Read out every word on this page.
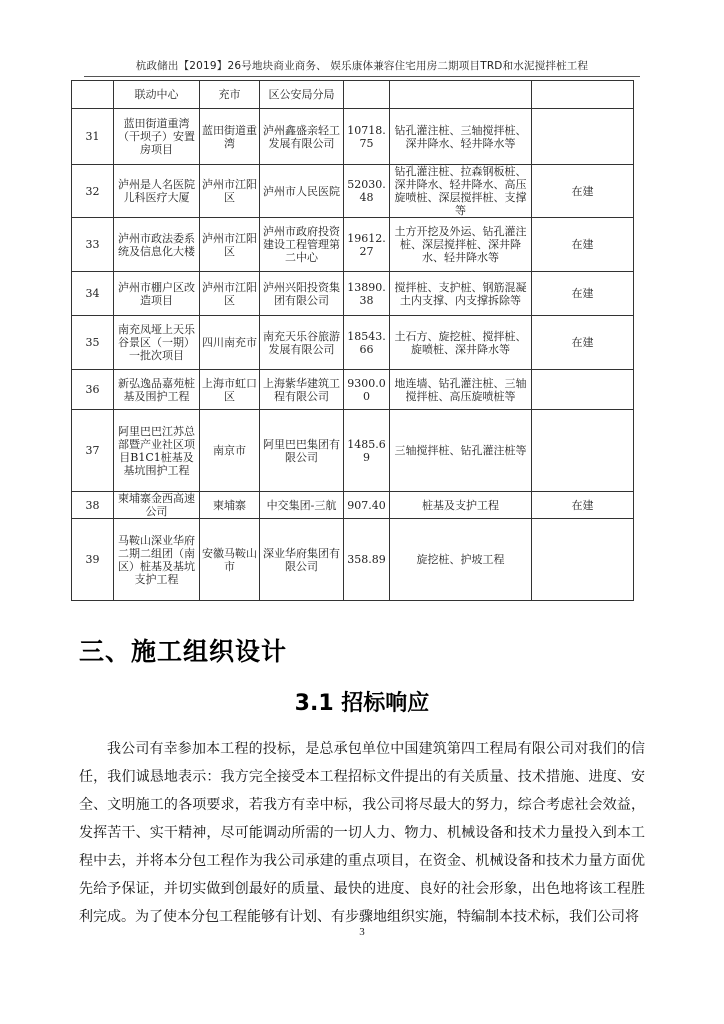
杭政储出【2019】26号地块商业商务、 娱乐康体兼容住宅用房二期项目TRD和水泥搅拌桩工程
	联动中心	充市	区公安局分局			
31	蓝田街道重湾（干坝子）安置房项目	蓝田街道重湾	泸州鑫盛亲轻工发展有限公司	10718.75	钻孔灌注桩、三轴搅拌桩、深井降水、轻井降水等	
32	泸州是人名医院儿科医疗大厦	泸州市江阳区	泸州市人民医院	52030.48	钻孔灌注桩、拉森钢板桩、深井降水、轻井降水、高压旋喷桩、深层搅拌桩、支撑等	在建
33	泸州市政法委系统及信息化大楼	泸州市江阳区	泸州市政府投资建设工程管理第二中心	19612.27	土方开挖及外运、钻孔灌注桩、深层搅拌桩、深井降水、轻井降水等	在建
34	泸州市棚户区改造项目	泸州市江阳区	泸州兴阳投资集团有限公司	13890.38	搅拌桩、支护桩、钢筋混凝土内支撑、内支撑拆除等	在建
35	南充凤垭上天乐谷景区（一期）一批次项目	四川南充市	南充天乐谷旅游发展有限公司	18543.66	土石方、旋挖桩、搅拌桩、旋喷桩、深井降水等	在建
36	新弘逸品嘉苑桩基及围护工程	上海市虹口区	上海紫华建筑工程有限公司	9300.00	地连墙、钻孔灌注桩、三轴搅拌桩、高压旋喷桩等	
37	阿里巴巴江苏总部暨产业社区项目B1C1桩基及基坑围护工程	南京市	阿里巴巴集团有限公司	1485.69	三轴搅拌桩、钻孔灌注桩等	
38	柬埔寨金西高速公司	柬埔寨	中交集团-三航	907.40	桩基及支护工程	在建
39	马鞍山深业华府二期二组团（南区）桩基及基坑支护工程	安徽马鞍山市	深业华府集团有限公司	358.89	旋挖桩、护坡工程	
三、施工组织设计
3.1 招标响应

我公司有幸参加本工程的投标，是总承包单位中国建筑第四工程局有限公司对我们的信任，我们诚恳地表示：我方完全接受本工程招标文件提出的有关质量、技术措施、进度、安全、文明施工的各项要求，若我方有幸中标，我公司将尽最大的努力，综合考虑社会效益，发挥苦干、实干精神，尽可能调动所需的一切人力、物力、机械设备和技术力量投入到本工程中去，并将本分包工程作为我公司承建的重点项目，在资金、机械设备和技术力量方面优先给予保证，并切实做到创最好的质量、最快的进度、良好的社会形象，出色地将该工程胜利完成。为了使本分包工程能够有计划、有步骤地组织实施，特编制本技术标，我们公司将

3
